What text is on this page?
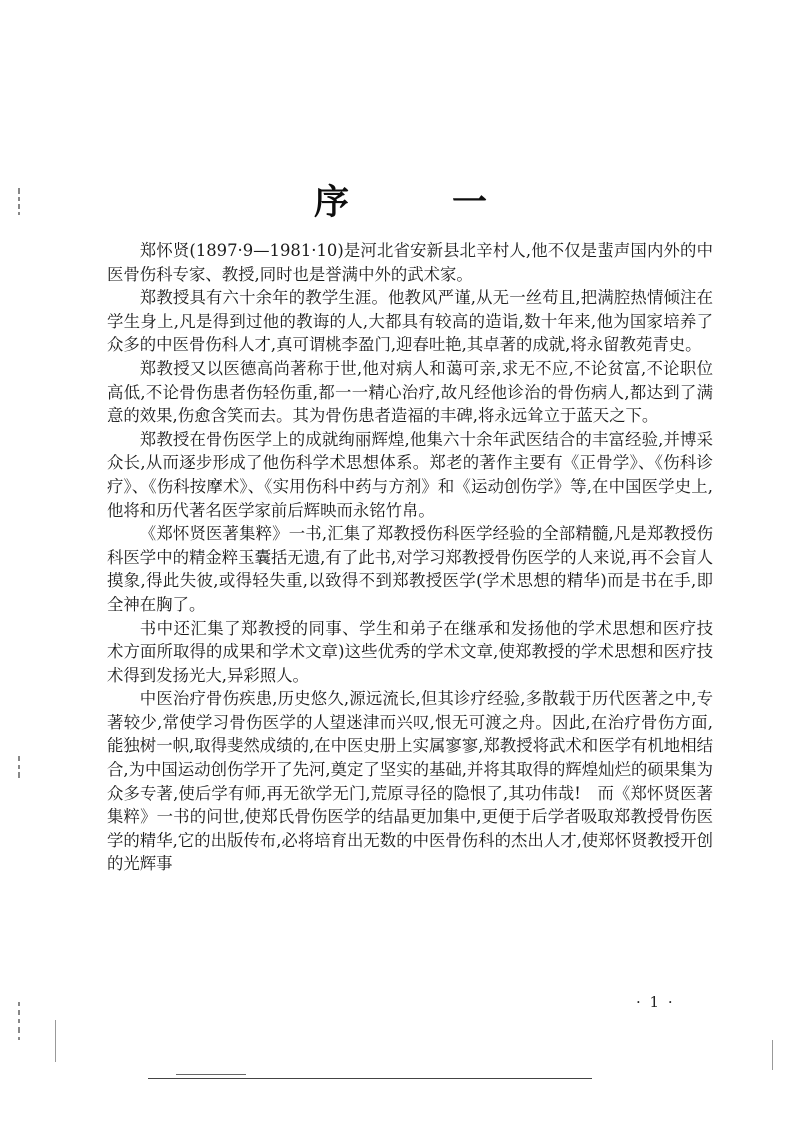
序　一

郑怀贤(1897·9—1981·10)是河北省安新县北辛村人,他不仅是蜚声国内外的中医骨伤科专家、教授,同时也是誉满中外的武术家。

郑教授具有六十余年的教学生涯。他教风严谨,从无一丝苟且,把满腔热情倾注在学生身上,凡是得到过他的教诲的人,大都具有较高的造诣,数十年来,他为国家培养了众多的中医骨伤科人才,真可谓桃李盈门,迎春吐艳,其卓著的成就,将永留教苑青史。

郑教授又以医德高尚著称于世,他对病人和蔼可亲,求无不应,不论贫富,不论职位高低,不论骨伤患者伤轻伤重,都一一精心治疗,故凡经他诊治的骨伤病人,都达到了满意的效果,伤愈含笑而去。其为骨伤患者造福的丰碑,将永远耸立于蓝天之下。

郑教授在骨伤医学上的成就绚丽辉煌,他集六十余年武医结合的丰富经验,并博采众长,从而逐步形成了他伤科学术思想体系。郑老的著作主要有《正骨学》、《伤科诊疗》、《伤科按摩术》、《实用伤科中药与方剂》和《运动创伤学》等,在中国医学史上,他将和历代著名医学家前后辉映而永铭竹帛。

《郑怀贤医著集粹》一书,汇集了郑教授伤科医学经验的全部精髓,凡是郑教授伤科医学中的精金粹玉囊括无遗,有了此书,对学习郑教授骨伤医学的人来说,再不会盲人摸象,得此失彼,或得轻失重,以致得不到郑教授医学(学术思想的精华)而是书在手,即全神在胸了。

书中还汇集了郑教授的同事、学生和弟子在继承和发扬他的学术思想和医疗技术方面所取得的成果和学术文章)这些优秀的学术文章,使郑教授的学术思想和医疗技术得到发扬光大,异彩照人。

中医治疗骨伤疾患,历史悠久,源远流长,但其诊疗经验,多散载于历代医著之中,专著较少,常使学习骨伤医学的人望迷津而兴叹,恨无可渡之舟。因此,在治疗骨伤方面,能独树一帜,取得斐然成绩的,在中医史册上实属寥寥,郑教授将武术和医学有机地相结合,为中国运动创伤学开了先河,奠定了坚实的基础,并将其取得的辉煌灿烂的硕果集为众多专著,使后学有师,再无欲学无门,荒原寻径的隐恨了,其功伟哉!　而《郑怀贤医著集粹》一书的问世,使郑氏骨伤医学的结晶更加集中,更便于后学者吸取郑教授骨伤医学的精华,它的出版传布,必将培育出无数的中医骨伤科的杰出人才,使郑怀贤教授开创的光辉事

· 1 ·
